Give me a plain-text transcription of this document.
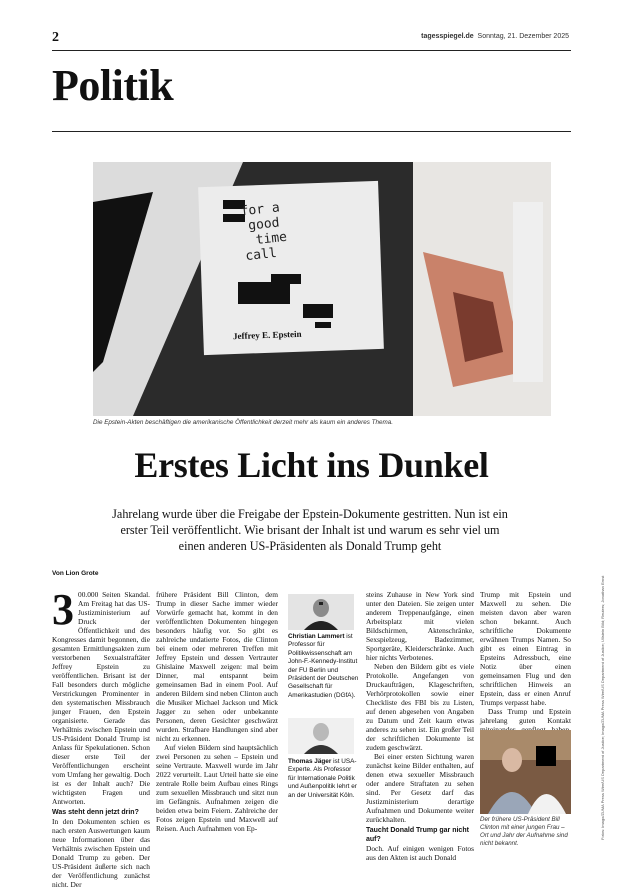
2	tagesspiegel.de Sonntag, 21. Dezember 2025
Politik
for a
good
time
call
Jeffrey E. Epstein
Die Epstein-Akten beschäftigen die amerikanische Öffentlichkeit derzeit mehr als kaum ein anderes Thema.
Erstes Licht ins Dunkel
Jahrelang wurde über die Freigabe der Epstein-Dokumente gestritten. Nun ist ein erster Teil veröffentlicht. Wie brisant der Inhalt ist und warum es sehr viel um einen anderen US-Präsidenten als Donald Trump geht
Von Lion Grote
Fotos: Imago/ZUMA Press Wire/US Department of Justice; Imago/ZUMA Press Wire/US Department of Justice; Ullstein Bild; Reuters; Jonathan Ernst
3 00.000 Seiten Skandal. Am Freitag hat das US-Justizministerium auf Druck der Öffentlichkeit und des Kongresses damit begonnen, die gesamten Ermittlungsakten zum verstorbenen Sexualstraftäter Jeffrey Epstein zu veröffentlichen. Brisant ist der Fall besonders durch mögliche Verstrickungen Prominenter in den systematischen Missbrauch junger Frauen, den Epstein organisierte. Gerade das Verhältnis zwischen Epstein und US-Präsident Donald Trump ist Anlass für Spekulationen. Schon dieser erste Teil der Veröffentlichungen erscheint vom Umfang her gewaltig. Doch ist es der Inhalt auch? Die wichtigsten Fragen und Antworten.

Was steht denn jetzt drin?

In den Dokumenten schien es nach ersten Auswertungen kaum neue Informationen über das Verhältnis zwischen Epstein und Donald Trump zu geben. Der US-Präsident äußerte sich nach der Veröffentlichung zunächst nicht. Der

frühere Präsident Bill Clinton, dem Trump in dieser Sache immer wieder Vorwürfe gemacht hat, kommt in den veröffentlichten Dokumenten hingegen besonders häufig vor. So gibt es zahlreiche undatierte Fotos, die Clinton bei einem oder mehreren Treffen mit Jeffrey Epstein und dessen Vertrauter Ghislaine Maxwell zeigen: mal beim Dinner, mal entspannt beim gemeinsamen Bad in einem Pool. Auf anderen Bildern sind neben Clinton auch die Musiker Michael Jackson und Mick Jagger zu sehen oder unbekannte Personen, deren Gesichter geschwärzt wurden. Strafbare Handlungen sind aber nicht zu erkennen.

Auf vielen Bildern sind hauptsächlich zwei Personen zu sehen – Epstein und seine Vertraute. Maxwell wurde im Jahr 2022 verurteilt. Laut Urteil hatte sie eine zentrale Rolle beim Aufbau eines Rings zum sexuellen Missbrauch und sitzt nun im Gefängnis. Aufnahmen zeigen die beiden etwa beim Feiern. Zahlreiche der Fotos zeigen Epstein und Maxwell auf Reisen. Auch Aufnahmen von Ep-

Christian Lammert ist Professor für Politikwissenschaft am John-F.-Kennedy-Institut der FU Berlin und Präsident der Deutschen Gesellschaft für Amerikastudien (DGfA).
Thomas Jäger ist USA-Experte. Als Professor für Internationale Politik und Außenpolitik lehrt er an der Universität Köln.

steins Zuhause in New York sind unter den Dateien. Sie zeigen unter anderem Treppenaufgänge, einen Arbeitsplatz mit vielen Bildschirmen, Aktenschränke, Sexspielzeug, Badezimmer, Sportgeräte, Kleiderschränke. Auch hier nichts Verbotenes.

Neben den Bildern gibt es viele Protokolle. Angefangen von Druckaufträgen, Klageschriften, Verhörprotokollen sowie einer Checkliste des FBI bis zu Listen, auf denen abgesehen von Angaben zu Datum und Zeit kaum etwas anderes zu sehen ist. Ein großer Teil der schriftlichen Dokumente ist zudem geschwärzt.

Bei einer ersten Sichtung waren zunächst keine Bilder enthalten, auf denen etwa sexueller Missbrauch oder andere Straftaten zu sehen sind. Per Gesetz darf das Justizministerium derartige Aufnahmen und Dokumente weiter zurückhalten.

Taucht Donald Trump gar nicht auf?

Doch. Auf einigen wenigen Fotos aus den Akten ist auch Donald

Trump mit Epstein und Maxwell zu sehen. Die meisten davon aber waren schon bekannt. Auch schriftliche Dokumente erwähnen Trumps Namen. So gibt es einen Eintrag in Epsteins Adressbuch, eine Notiz über einen gemeinsamen Flug und den schriftlichen Hinweis an Epstein, dass er einen Anruf Trumps verpasst habe.

Dass Trump und Epstein jahrelang guten Kontakt

Der frühere US-Präsident Bill Clinton mit einer jungen Frau – Ort und Jahr der Aufnahme sind nicht bekannt.
